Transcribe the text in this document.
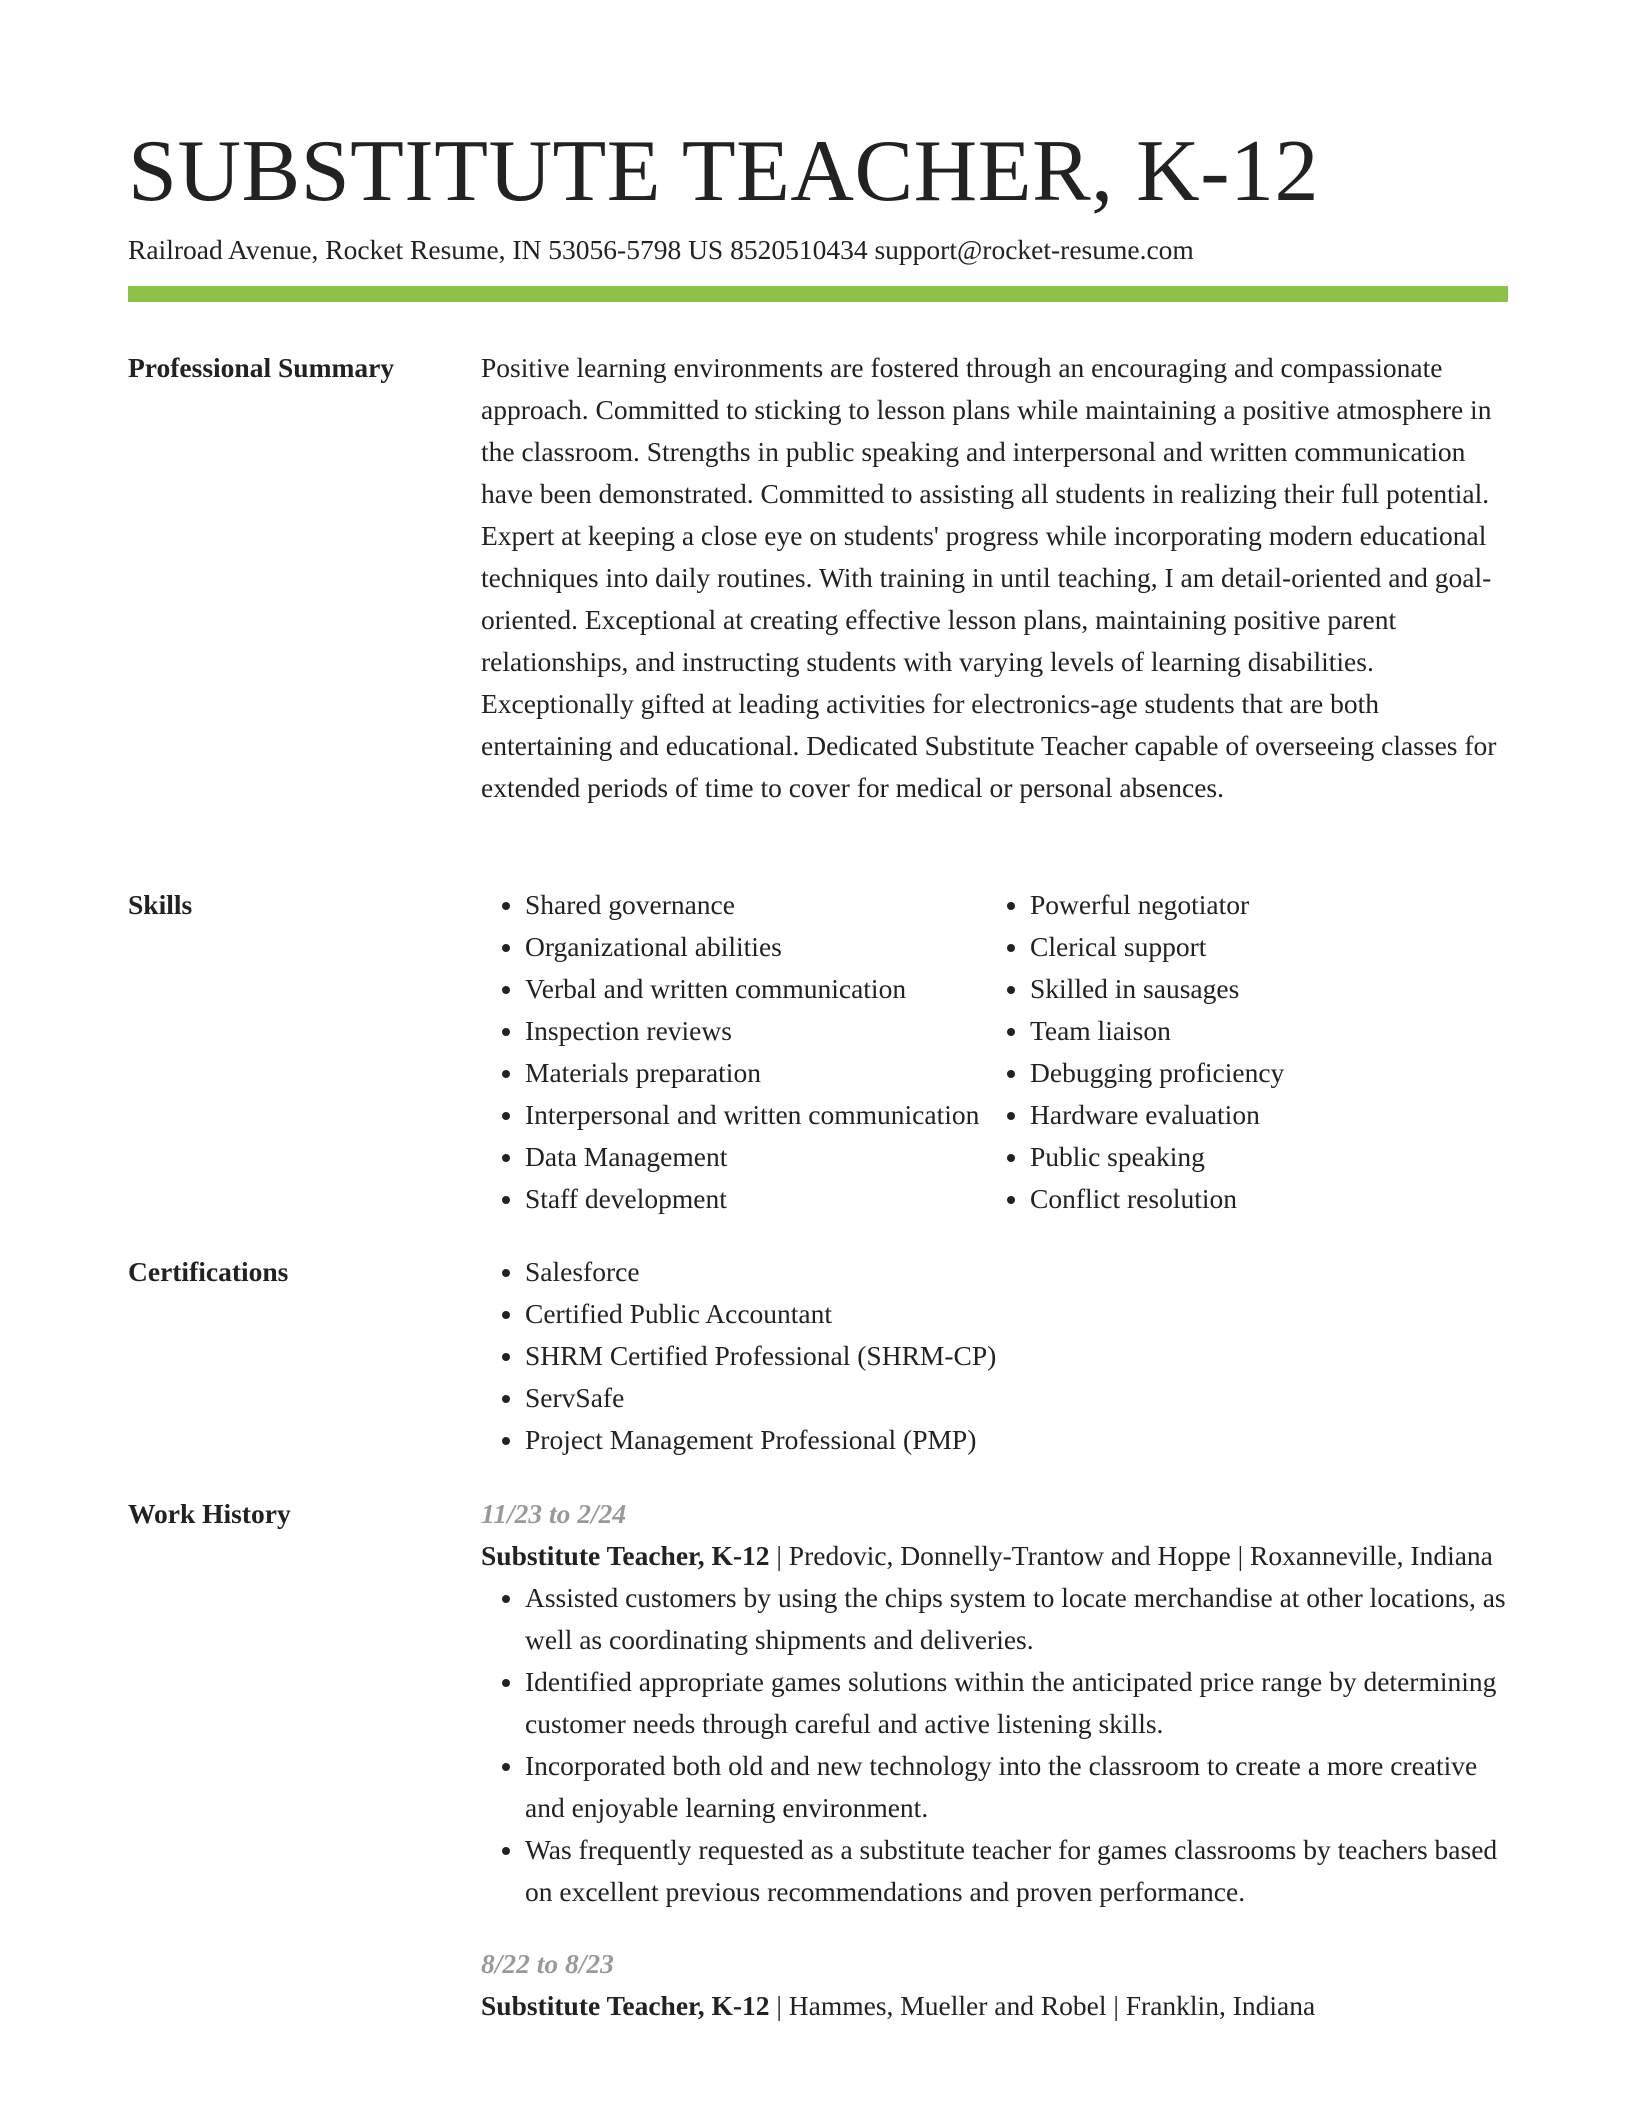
SUBSTITUTE TEACHER, K-12
Railroad Avenue, Rocket Resume, IN 53056-5798 US 8520510434 support@rocket-resume.com
Professional Summary	Positive learning environments are fostered through an encouraging and compassionate approach. Committed to sticking to lesson plans while maintaining a positive atmosphere in the classroom. Strengths in public speaking and interpersonal and written communication have been demonstrated. Committed to assisting all students in realizing their full potential. Expert at keeping a close eye on students' progress while incorporating modern educational techniques into daily routines. With training in until teaching, I am detail-oriented and goal-oriented. Exceptional at creating effective lesson plans, maintaining positive parent relationships, and instructing students with varying levels of learning disabilities. Exceptionally gifted at leading activities for electronics-age students that are both entertaining and educational. Dedicated Substitute Teacher capable of overseeing classes for extended periods of time to cover for medical or personal absences.

Skills	• Shared governance
• Organizational abilities
• Verbal and written communication
• Inspection reviews
• Materials preparation
• Interpersonal and written communication
• Data Management
• Staff development
• Powerful negotiator
• Clerical support
• Skilled in sausages
• Team liaison
• Debugging proficiency
• Hardware evaluation
• Public speaking
• Conflict resolution
Certifications	• Salesforce
• Certified Public Accountant
• SHRM Certified Professional (SHRM-CP)
• ServSafe
• Project Management Professional (PMP)
Work History	11/23 to 2/24
Substitute Teacher, K-12 | Predovic, Donnelly-Trantow and Hoppe | Roxanneville, Indiana
• Assisted customers by using the chips system to locate merchandise at other locations, as well as coordinating shipments and deliveries.
• Identified appropriate games solutions within the anticipated price range by determining customer needs through careful and active listening skills.
• Incorporated both old and new technology into the classroom to create a more creative and enjoyable learning environment.
• Was frequently requested as a substitute teacher for games classrooms by teachers based on excellent previous recommendations and proven performance.
8/22 to 8/23
Substitute Teacher, K-12 | Hammes, Mueller and Robel | Franklin, Indiana
